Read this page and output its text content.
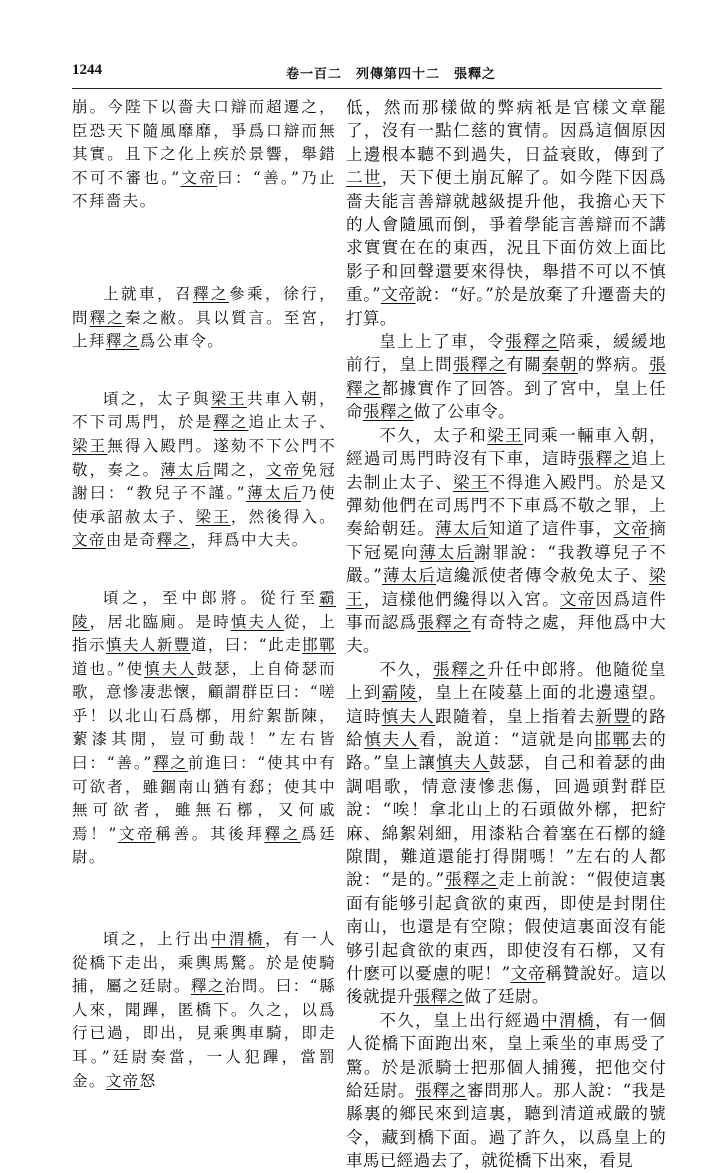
1244	卷一百二　列傳第四十二　張釋之

崩。今陛下以嗇夫口辯而超遷之，臣恐天下隨風靡靡，爭爲口辯而無其實。且下之化上疾於景響，舉錯不可不審也。”文帝曰：“善。”乃止不拜嗇夫。

上就車，召釋之參乘，徐行，問釋之秦之敝。具以質言。至宮，上拜釋之爲公車令。

頃之，太子與梁王共車入朝，不下司馬門，於是釋之追止太子、梁王無得入殿門。遂劾不下公門不敬，奏之。薄太后聞之，文帝免冠謝曰：“教兒子不謹。”薄太后乃使使承詔赦太子、梁王，然後得入。文帝由是奇釋之，拜爲中大夫。

頃之，至中郎將。從行至霸陵，居北臨廁。是時慎夫人從，上指示慎夫人新豐道，曰：“此走邯鄲道也。”使慎夫人鼓瑟，上自倚瑟而歌，意慘凄悲懷，顧謂群臣曰：“嗟乎！以北山石爲槨，用紵絮斮陳，蕠漆其閒，豈可動哉！”左右皆曰：“善。”釋之前進曰：“使其中有可欲者，雖錮南山猶有郄；使其中無可欲者，雖無石槨，又何戚焉！”文帝稱善。其後拜釋之爲廷尉。

頃之，上行出中渭橋，有一人從橋下走出，乘輿馬驚。於是使騎捕，屬之廷尉。釋之治問。曰：“縣人來，聞蹕，匿橋下。久之，以爲行已過，即出，見乘輿車騎，即走耳。”廷尉奏當，一人犯蹕，當罰金。文帝怒

低，然而那樣做的弊病衹是官樣文章罷了，沒有一點仁慈的實情。因爲這個原因上邊根本聽不到過失，日益衰敗，傳到了二世，天下便土崩瓦解了。如今陛下因爲嗇夫能言善辯就越級提升他，我擔心天下的人會隨風而倒，爭着學能言善辯而不講求實實在在的東西，況且下面仿效上面比影子和回聲還要來得快，舉措不可以不慎重。”文帝說：“好。”於是放棄了升遷嗇夫的打算。

皇上上了車，令張釋之陪乘，緩緩地前行，皇上問張釋之有關秦朝的弊病。張釋之都據實作了回答。到了宮中，皇上任命張釋之做了公車令。

不久，太子和梁王同乘一輛車入朝，經過司馬門時沒有下車，這時張釋之追上去制止太子、梁王不得進入殿門。於是又彈劾他們在司馬門不下車爲不敬之罪，上奏給朝廷。薄太后知道了這件事，文帝摘下冠冕向薄太后謝罪說：“我教導兒子不嚴。”薄太后這纔派使者傳令赦免太子、梁王，這樣他們纔得以入宮。文帝因爲這件事而認爲張釋之有奇特之處，拜他爲中大夫。

不久，張釋之升任中郎將。他隨從皇上到霸陵，皇上在陵墓上面的北邊遠望。這時慎夫人跟隨着，皇上指着去新豐的路給慎夫人看，說道：“這就是向邯鄲去的路。”皇上讓慎夫人鼓瑟，自己和着瑟的曲調唱歌，情意淒慘悲傷，回過頭對群臣說：“唉！拿北山上的石頭做外槨，把紵麻、綿絮剁細，用漆粘合着塞在石槨的縫隙間，難道還能打得開嗎！”左右的人都說：“是的。”張釋之走上前說：“假使這裏面有能够引起貪欲的東西，即使是封閉住南山，也還是有空隙；假使這裏面沒有能够引起貪欲的東西，即使沒有石槨，又有什麽可以憂慮的呢！”文帝稱贊說好。這以後就提升張釋之做了廷尉。

不久，皇上出行經過中渭橋，有一個人從橋下面跑出來，皇上乘坐的車馬受了驚。於是派騎士把那個人捕獲，把他交付給廷尉。張釋之審問那人。那人說：“我是縣裏的鄉民來到這裏，聽到清道戒嚴的號令，藏到橋下面。過了許久，以爲皇上的車馬已經過去了，就從橋下出來，看見
